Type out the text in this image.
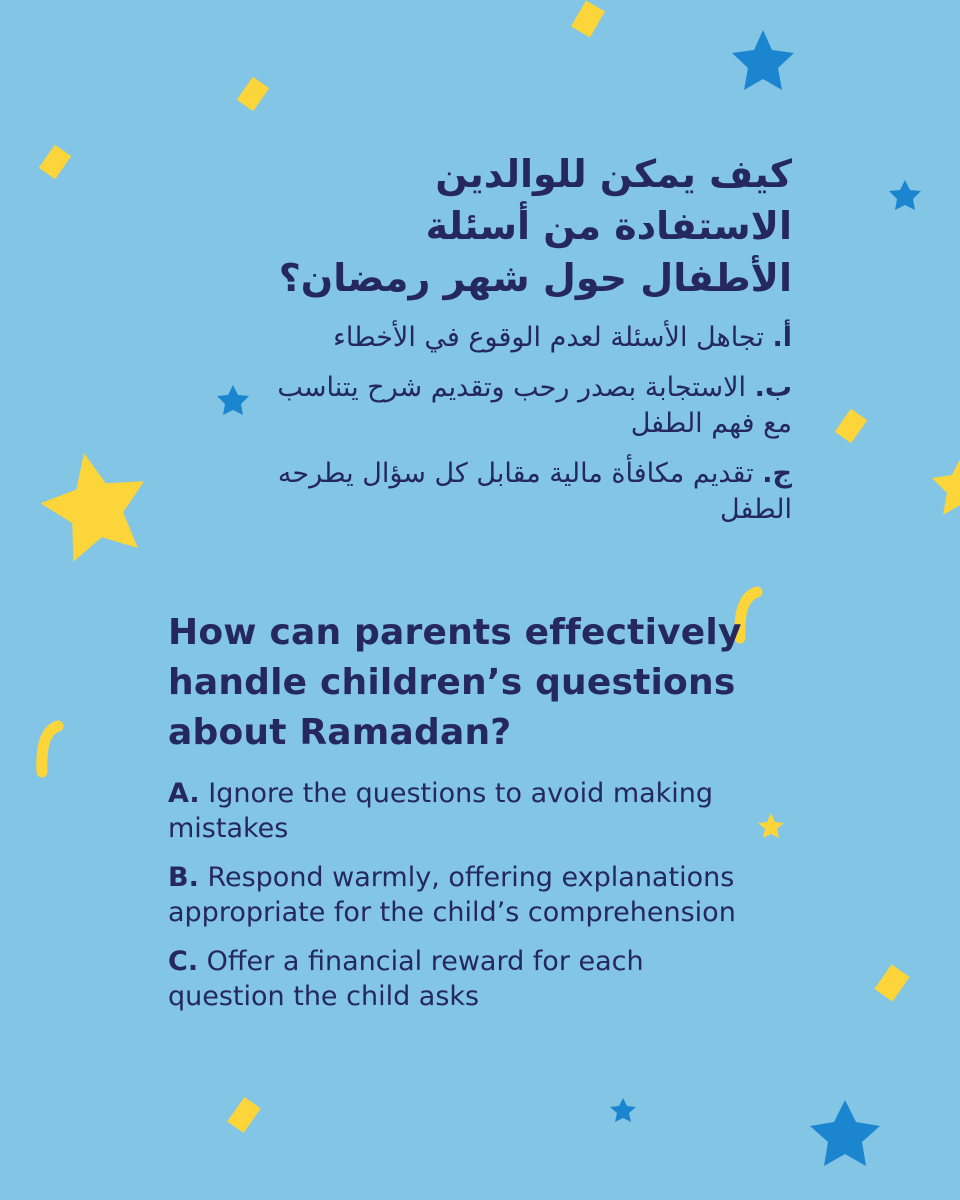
كيف يمكن للوالدين
الاستفادة من أسئلة
الأطفال حول شهر رمضان؟
أ. تجاهل الأسئلة لعدم الوقوع في الأخطاء
ب. الاستجابة بصدر رحب وتقديم شرح يتناسب مع فهم الطفل
ج. تقديم مكافأة مالية مقابل كل سؤال يطرحه الطفل
How can parents effectively
handle children’s questions
about Ramadan?
A. Ignore the questions to avoid making mistakes
B. Respond warmly, offering explanations appropriate for the child’s comprehension
C. Offer a financial reward for each question the child asks
